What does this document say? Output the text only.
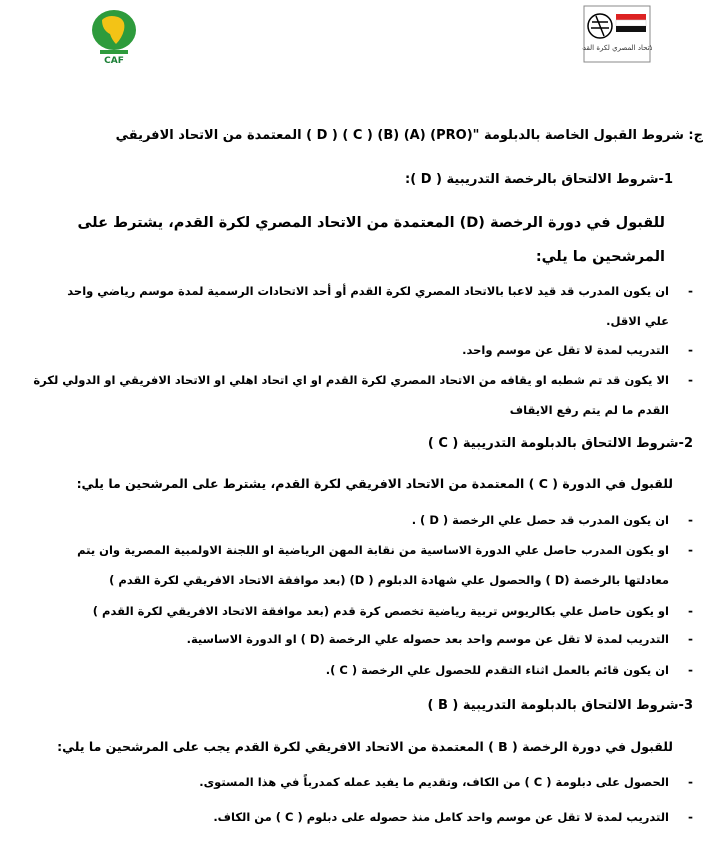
CAF
الاتحاد المصري لكرة القدم
ج: شروط القبول الخاصة بالدبلومة "(PRO) (A) (B) ( C ) ( D ) المعتمدة من الاتحاد الافريقي
1-شروط الالتحاق بالرخصة التدريبية ( D ):
للقبول في دورة الرخصة (D) المعتمدة من الاتحاد المصري لكرة القدم، يشترط على
المرشحين ما يلي:
-
ان يكون المدرب قد قيد لاعبا بالاتحاد المصري لكرة القدم أو أحد الاتحادات الرسمية لمدة موسم رياضي واحد
علي الاقل.
-
التدريب لمدة لا تقل عن موسم واحد.
-
الا يكون قد تم شطبه او يقافه من الاتحاد المصري لكرة القدم او اي اتحاد اهلي او الاتحاد الافريقي او الدولي لكرة
القدم ما لم يتم رفع الايقاف
2-شروط الالتحاق بالدبلومة التدريبية ( C )
للقبول في الدورة ( C ) المعتمدة من الاتحاد الافريقي لكرة القدم، يشترط على المرشحين ما يلي:
-
ان يكون المدرب قد حصل علي الرخصة ( D ) .
-
او يكون المدرب حاصل علي الدورة الاساسية من نقابة المهن الرياضية او اللجنة الاولمبية المصرية وان يتم
معادلتها بالرخصة (D ) والحصول علي شهادة الدبلوم ( D) (بعد موافقة الاتحاد الافريقي لكرة القدم )
-
او يكون حاصل علي بكالريوس تربية رياضية تخصص كرة قدم (بعد موافقة الاتحاد الافريقي لكرة القدم )
-
التدريب لمدة لا تقل عن موسم واحد بعد حصوله علي الرخصة (D ) او الدورة الاساسية.
-
ان يكون قائم بالعمل اثناء التقدم للحصول علي الرخصة ( C ).
3-شروط الالتحاق بالدبلومة التدريبية ( B )
للقبول في دورة الرخصة ( B ) المعتمدة من الاتحاد الافريقي لكرة القدم يجب على المرشحين ما يلي:
-
الحصول على دبلومة ( C ) من الكاف، وتقديم ما يفيد عمله كمدرباً في هذا المستوى.
-
التدريب لمدة لا تقل عن موسم واحد كامل منذ حصوله على دبلوم ( C ) من الكاف.
